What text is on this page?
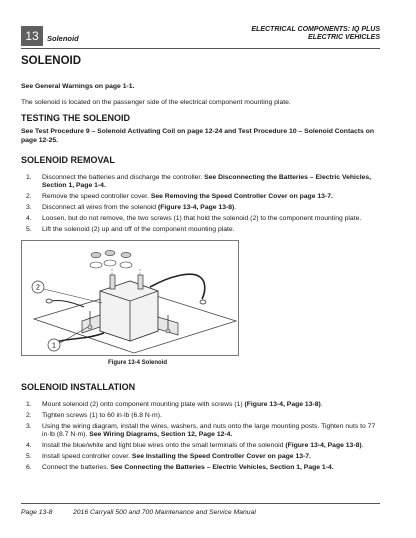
13	Solenoid
ELECTRICAL COMPONENTS: IQ PLUS
ELECTRIC VEHICLES
SOLENOID
See General Warnings on page 1-1.
The solenoid is located on the passenger side of the electrical component mounting plate.
TESTING THE SOLENOID
See Test Procedure 9 – Solenoid Activating Coil on page 12-24 and Test Procedure 10 – Solenoid Contacts on page 12-25.
SOLENOID REMOVAL
1. Disconnect the batteries and discharge the controller. See Disconnecting the Batteries – Electric Vehicles, Section 1, Page 1-4.
2. Remove the speed controller cover. See Removing the Speed Controller Cover on page 13-7.
3. Disconnect all wires from the solenoid (Figure 13-4, Page 13-8).
4. Loosen, but do not remove, the two screws (1) that hold the solenoid (2) to the component mounting plate.
5. Lift the solenoid (2) up and off of the component mounting plate.
2
1
Figure 13-4 Solenoid
SOLENOID INSTALLATION
1. Mount solenoid (2) onto component mounting plate with screws (1) (Figure 13-4, Page 13-8).
2. Tighten screws (1) to 60 in·lb (6.8 N·m).
3. Using the wiring diagram, install the wires, washers, and nuts onto the large mounting posts. Tighten nuts to 77 in·lb (8.7 N·m). See Wiring Diagrams, Section 12, Page 12-4.
4. Install the blue/white and light blue wires onto the small terminals of the solenoid (Figure 13-4, Page 13-8).
5. Install speed controller cover. See Installing the Speed Controller Cover on page 13-7.
6. Connect the batteries. See Connecting the Batteries – Electric Vehicles, Section 1, Page 1-4.
Page 13-8	2016 Carryall 500 and 700 Maintenance and Service Manual
